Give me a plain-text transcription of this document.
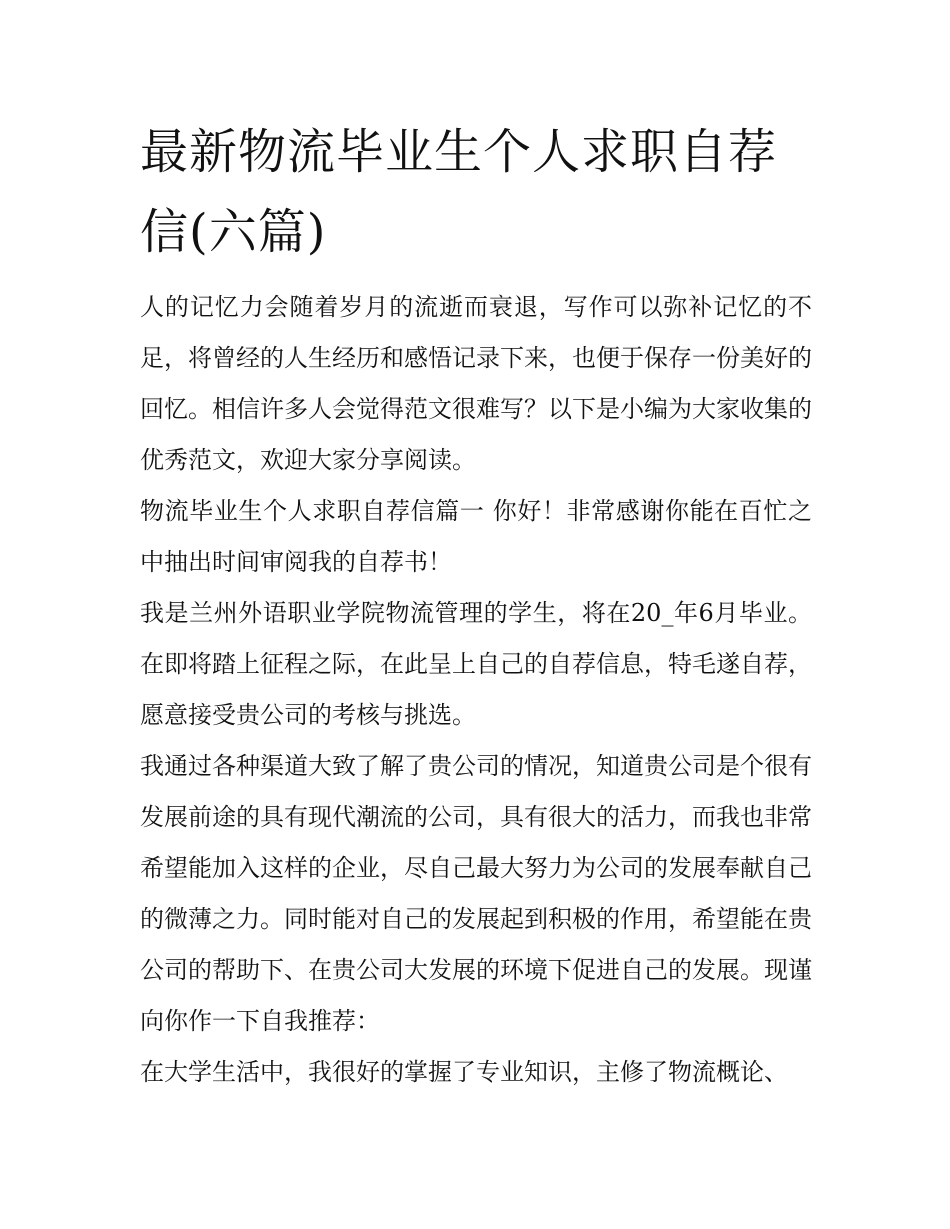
最新物流毕业生个人求职自荐信(六篇)

人的记忆力会随着岁月的流逝而衰退，写作可以弥补记忆的不足，将曾经的人生经历和感悟记录下来，也便于保存一份美好的回忆。相信许多人会觉得范文很难写？以下是小编为大家收集的优秀范文，欢迎大家分享阅读。

物流毕业生个人求职自荐信篇一 你好！非常感谢你能在百忙之中抽出时间审阅我的自荐书！

我是兰州外语职业学院物流管理的学生，将在20_年6月毕业。在即将踏上征程之际，在此呈上自己的自荐信息，特毛遂自荐，愿意接受贵公司的考核与挑选。

我通过各种渠道大致了解了贵公司的情况，知道贵公司是个很有发展前途的具有现代潮流的公司，具有很大的活力，而我也非常希望能加入这样的企业，尽自己最大努力为公司的发展奉献自己的微薄之力。同时能对自己的发展起到积极的作用，希望能在贵公司的帮助下、在贵公司大发展的环境下促进自己的发展。现谨向你作一下自我推荐：

在大学生活中，我很好的掌握了专业知识，主修了物流概论、
